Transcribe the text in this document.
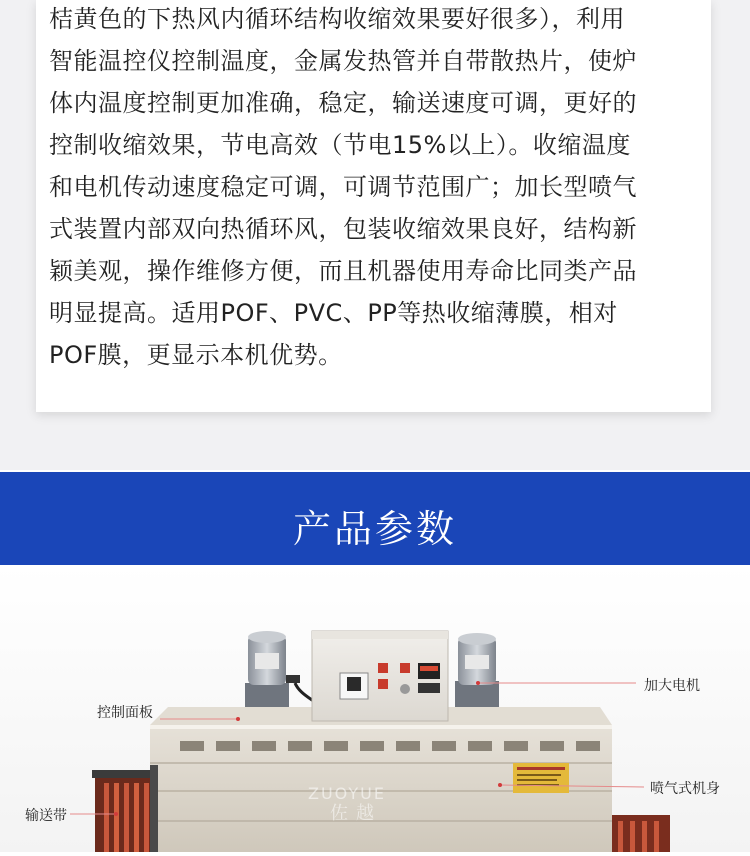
桔黄色的下热风内循环结构收缩效果要好很多），利用
智能温控仪控制温度，金属发热管并自带散热片，使炉
体内温度控制更加准确，稳定，输送速度可调，更好的
控制收缩效果，节电高效（节电15%以上）。收缩温度
和电机传动速度稳定可调，可调节范围广；加长型喷气
式装置内部双向热循环风，包装收缩效果良好，结构新
颖美观，操作维修方便，而且机器使用寿命比同类产品
明显提高。适用POF、PVC、PP等热收缩薄膜，相对
POF膜，更显示本机优势。
产品参数
ZUOYUE
佐越
加大电机
控制面板
喷气式机身
输送带
